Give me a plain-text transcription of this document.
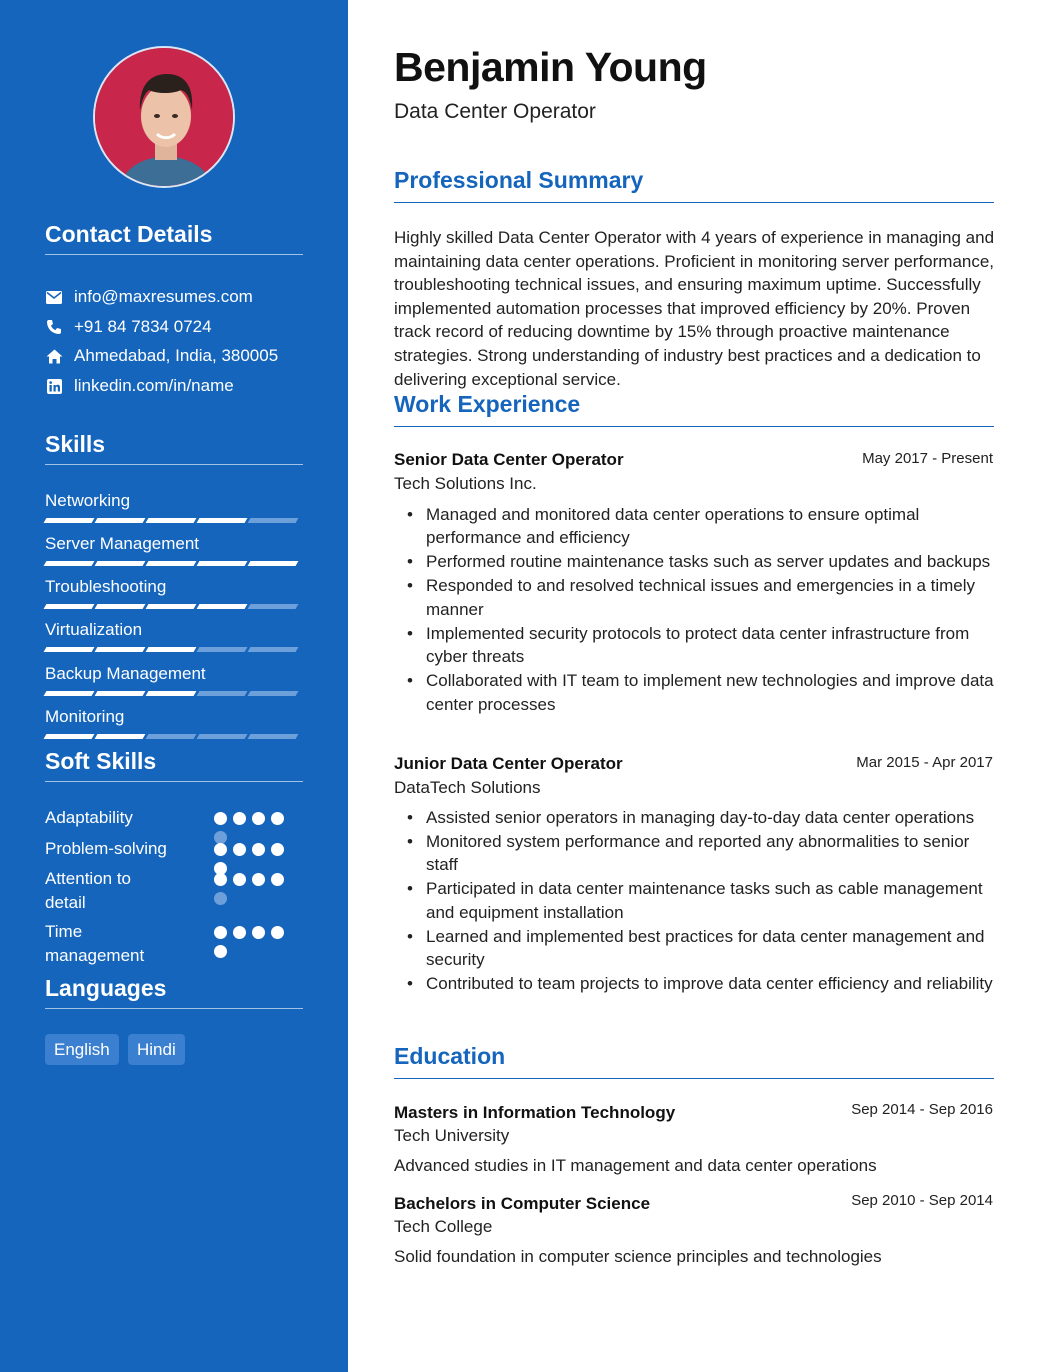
Contact Details
info@maxresumes.com
+91 84 7834 0724
Ahmedabad, India, 380005
linkedin.com/in/name
Skills
Networking
Server Management
Troubleshooting
Virtualization
Backup Management
Monitoring
Soft Skills
Adaptability
Problem-solving
Attention to detail
Time management
Languages
English	Hindi
Benjamin Young
Data Center Operator
Professional Summary
Highly skilled Data Center Operator with 4 years of experience in managing and maintaining data center operations. Proficient in monitoring server performance, troubleshooting technical issues, and ensuring maximum uptime. Successfully implemented automation processes that improved efficiency by 20%. Proven track record of reducing downtime by 15% through proactive maintenance strategies. Strong understanding of industry best practices and a dedication to delivering exceptional service.
Work Experience
Senior Data Center Operator	May 2017 - Present
Tech Solutions Inc.
• Managed and monitored data center operations to ensure optimal performance and efficiency
• Performed routine maintenance tasks such as server updates and backups
• Responded to and resolved technical issues and emergencies in a timely manner
• Implemented security protocols to protect data center infrastructure from cyber threats
• Collaborated with IT team to implement new technologies and improve data center processes
Junior Data Center Operator	Mar 2015 - Apr 2017
DataTech Solutions
• Assisted senior operators in managing day-to-day data center operations
• Monitored system performance and reported any abnormalities to senior staff
• Participated in data center maintenance tasks such as cable management and equipment installation
• Learned and implemented best practices for data center management and security
• Contributed to team projects to improve data center efficiency and reliability
Education
Masters in Information Technology	Sep 2014 - Sep 2016
Tech University
Advanced studies in IT management and data center operations
Bachelors in Computer Science	Sep 2010 - Sep 2014
Tech College
Solid foundation in computer science principles and technologies
